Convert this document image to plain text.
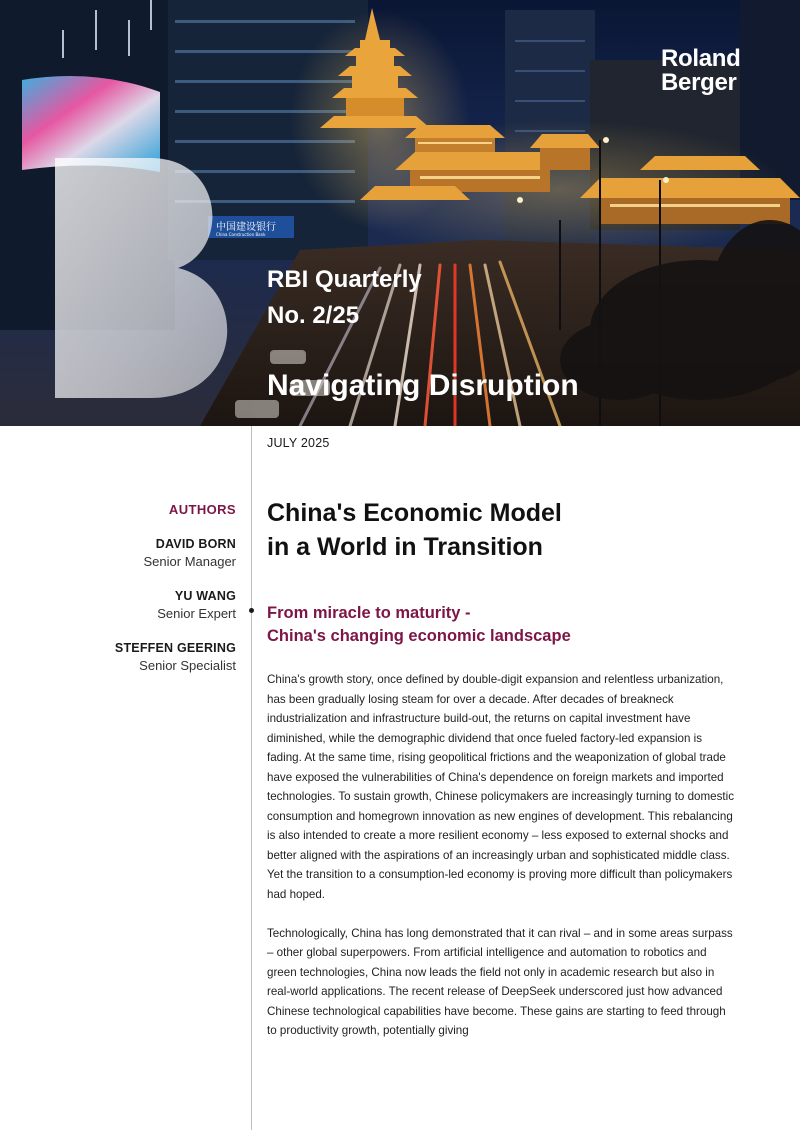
中国建设银行
China Construction Bank
Roland
Berger
RBI Quarterly
No. 2/25
Navigating Disruption
JULY 2025
AUTHORS
DAVID BORN
Senior Manager
YU WANG
Senior Expert
STEFFEN GEERING
Senior Specialist
China's Economic Model
in a World in Transition
From miracle to maturity -
China's changing economic landscape

China's growth story, once defined by double-digit expansion and relentless urbanization, has been gradually losing steam for over a decade. After decades of breakneck industrialization and infrastructure build-out, the returns on capital investment have diminished, while the demographic dividend that once fueled factory-led expansion is fading. At the same time, rising geopolitical frictions and the weaponization of global trade have exposed the vulnerabilities of China's dependence on foreign markets and imported technologies. To sustain growth, Chinese policymakers are increasingly turning to domestic consumption and homegrown innovation as new engines of development. This rebalancing is also intended to create a more resilient economy – less exposed to external shocks and better aligned with the aspirations of an increasingly urban and sophisticated middle class. Yet the transition to a consumption-led economy is proving more difficult than policymakers had hoped.

Technologically, China has long demonstrated that it can rival – and in some areas surpass – other global superpowers. From artificial intelligence and automation to robotics and green technologies, China now leads the field not only in academic research but also in real-world applications. The recent release of DeepSeek underscored just how advanced Chinese technological capabilities have become. These gains are starting to feed through to productivity growth, potentially giving
